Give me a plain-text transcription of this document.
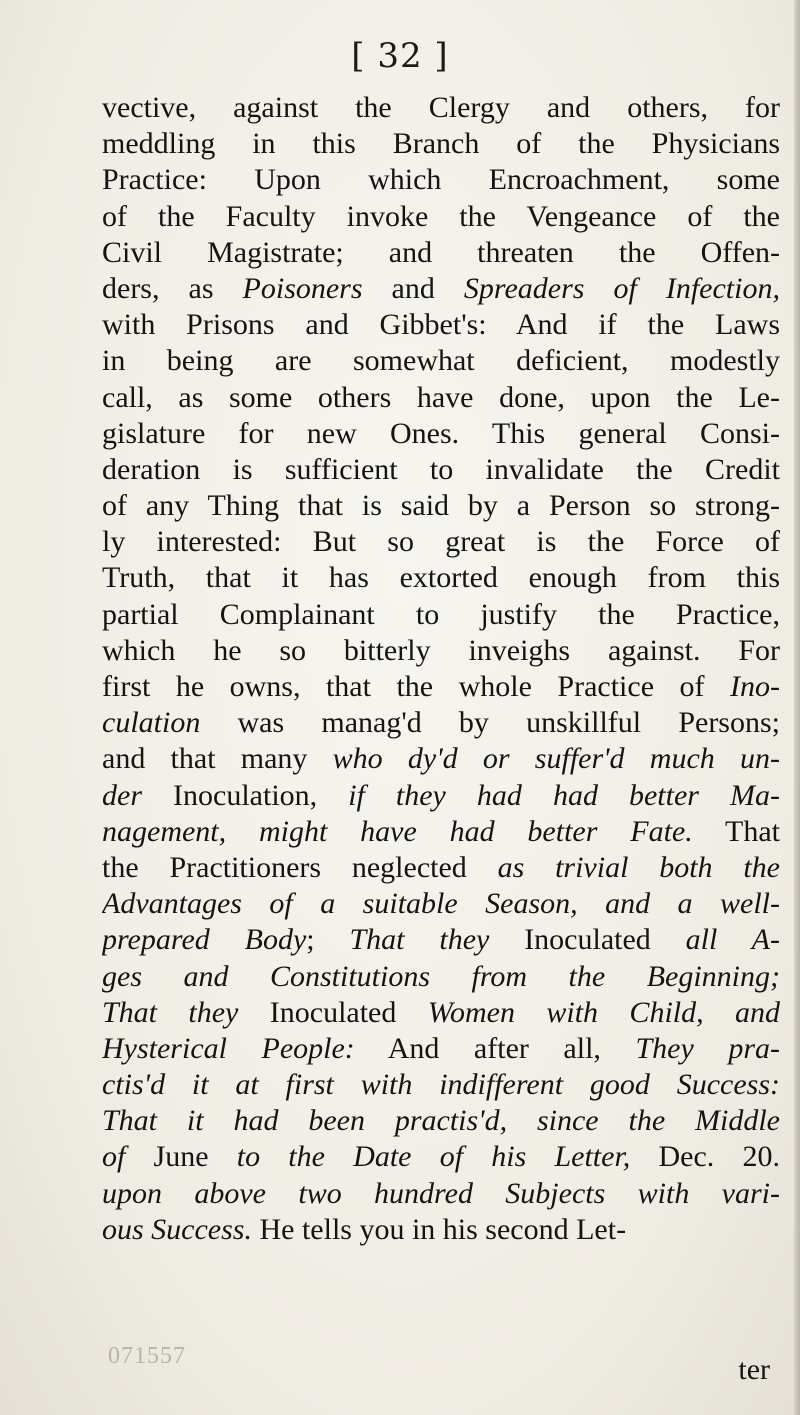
[ 32 ]
vective, against the Clergy and others, for
meddling in this Branch of the Physicians
Practice: Upon which Encroachment, some
of the Faculty invoke the Vengeance of the
Civil Magistrate; and threaten the Offen-
ders, as Poisoners and Spreaders of Infection,
with Prisons and Gibbet's: And if the Laws
in being are somewhat deficient, modestly
call, as some others have done, upon the Le-
gislature for new Ones. This general Consi-
deration is sufficient to invalidate the Credit
of any Thing that is said by a Person so strong-
ly interested: But so great is the Force of
Truth, that it has extorted enough from this
partial Complainant to justify the Practice,
which he so bitterly inveighs against. For
first he owns, that the whole Practice of Ino-
culation was manag'd by unskillful Persons;
and that many who dy'd or suffer'd much un-
der Inoculation, if they had had better Ma-
nagement, might have had better Fate. That
the Practitioners neglected as trivial both the
Advantages of a suitable Season, and a well-
prepared Body; That they Inoculated all A-
ges and Constitutions from the Beginning;
That they Inoculated Women with Child, and
Hysterical People: And after all, They pra-
ctis'd it at first with indifferent good Success:
That it had been practis'd, since the Middle
of June to the Date of his Letter, Dec. 20.
upon above two hundred Subjects with vari-
ous Success. He tells you in his second Let-
071557	ter
